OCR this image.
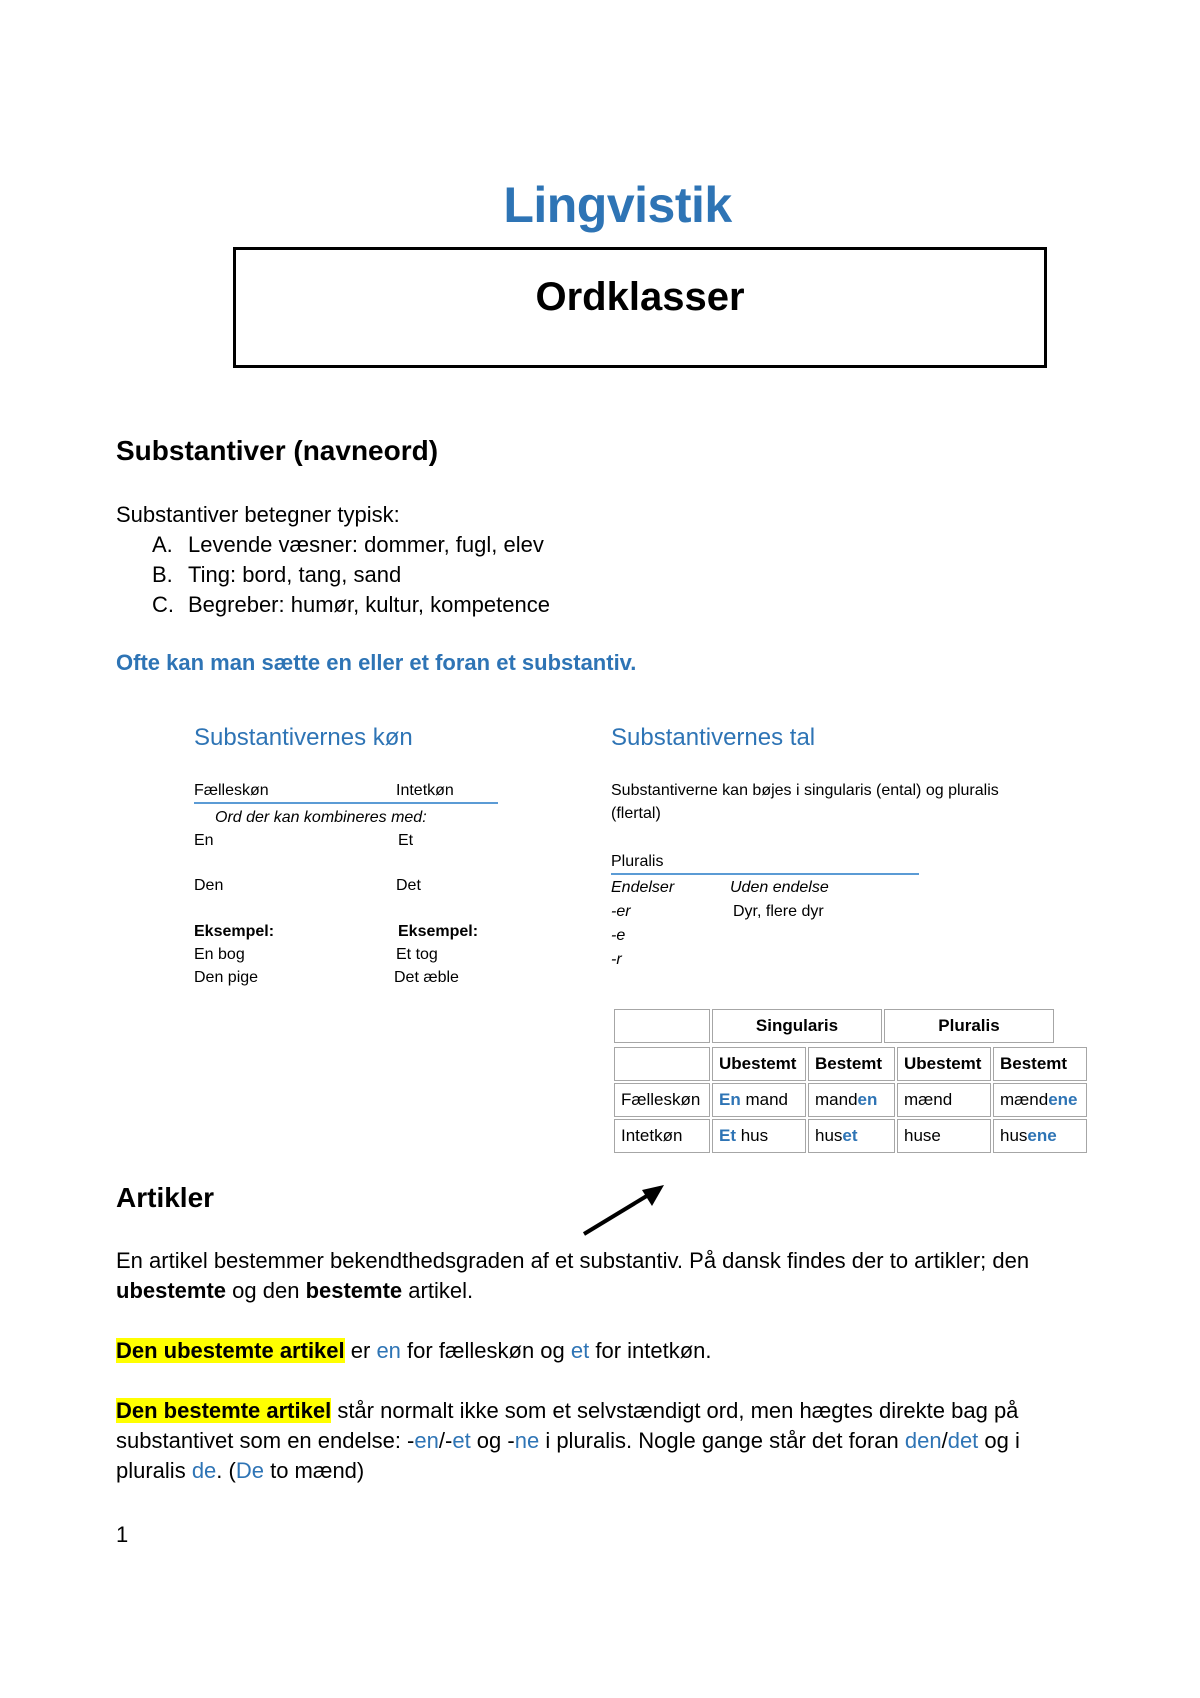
Lingvistik
Ordklasser
Substantiver (navneord)
Substantiver betegner typisk:
A. Levende væsner: dommer, fugl, elev
B. Ting: bord, tang, sand
C. Begreber: humør, kultur, kompetence
Ofte kan man sætte en eller et foran et substantiv.
Substantivernes køn
Fælleskøn	Intetkøn
Ord der kan kombineres med:
En	Et
Den	Det
Eksempel:	Eksempel:
En bog	Et tog
Den pige	Det æble
Substantivernes tal
Substantiverne kan bøjes i singularis (ental) og pluralis (flertal)
Pluralis
Endelser	Uden endelse
-er	Dyr, flere dyr
-e
-r
	Singularis	Pluralis
	Ubestemt	Bestemt	Ubestemt	Bestemt
Fælleskøn	En mand	manden	mænd	mændene
Intetkøn	Et hus	huset	huse	husene
Artikler
En artikel bestemmer bekendthedsgraden af et substantiv. På dansk findes der to artikler; den ubestemte og den bestemte artikel.
Den ubestemte artikel er en for fælleskøn og et for intetkøn.
Den bestemte artikel står normalt ikke som et selvstændigt ord, men hægtes direkte bag på substantivet som en endelse: -en/-et og -ne i pluralis. Nogle gange står det foran den/det og i pluralis de. (De to mænd)
1
